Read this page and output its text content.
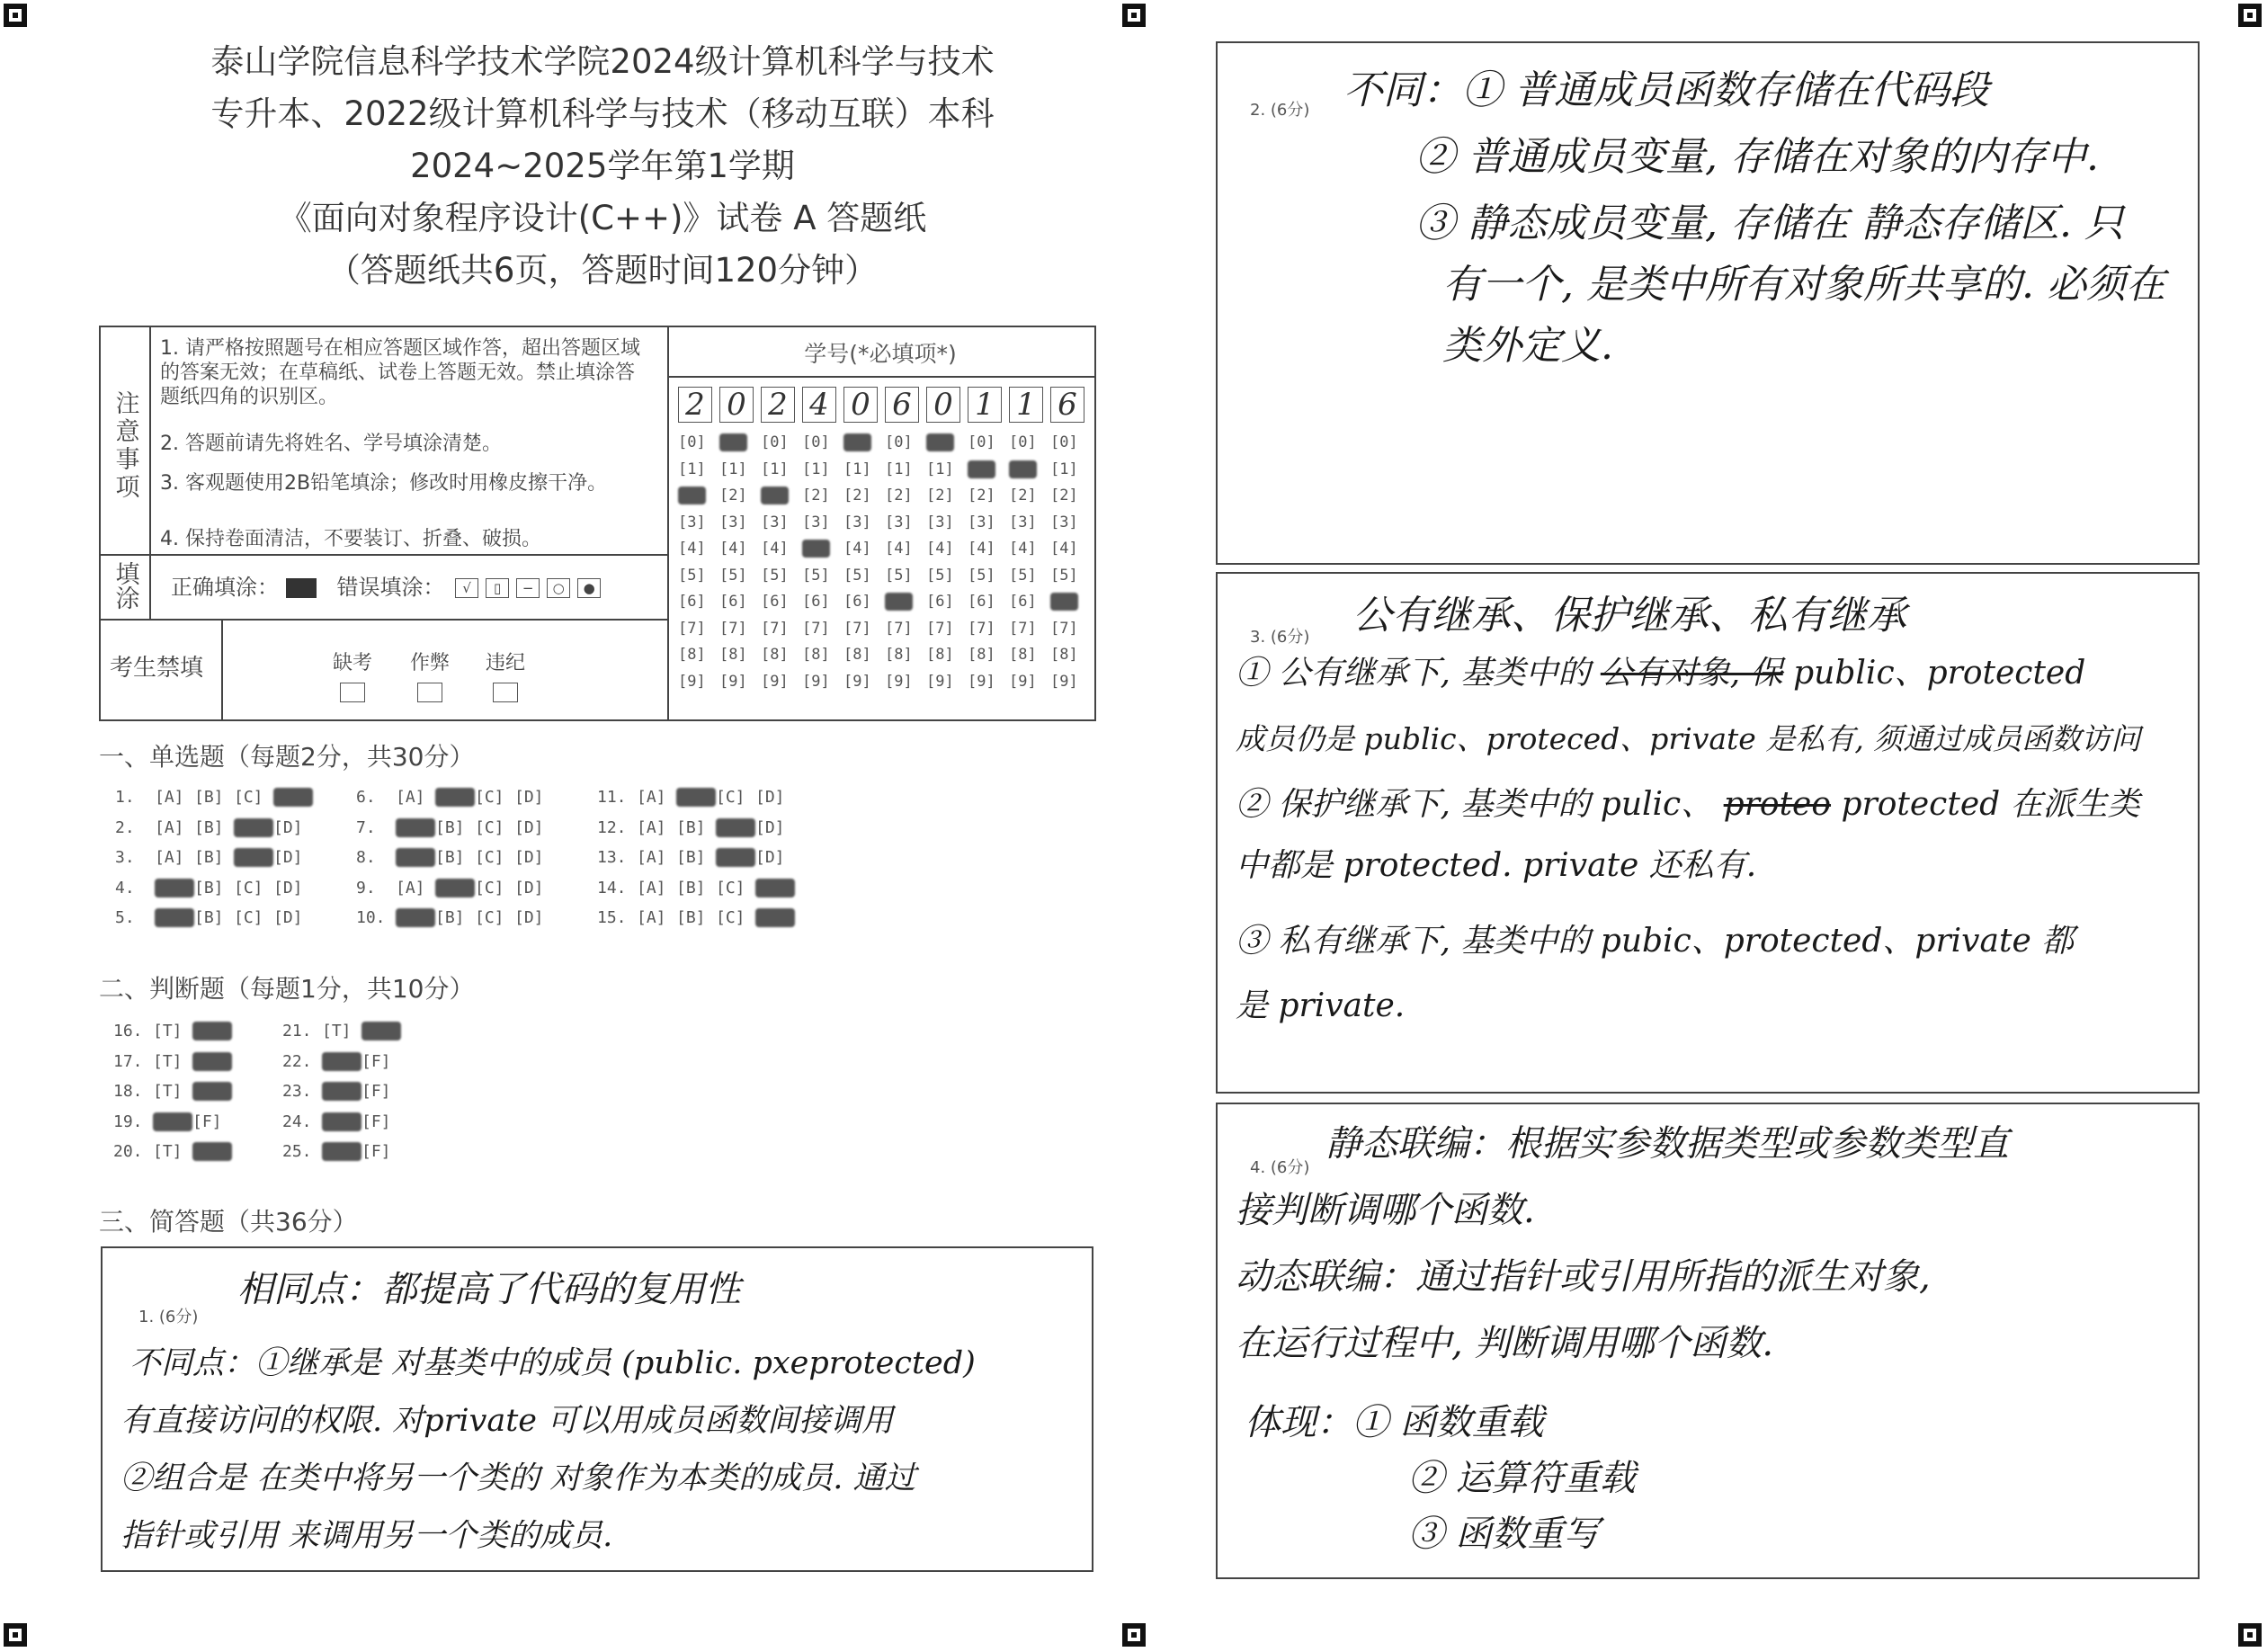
泰山学院信息科学技术学院2024级计算机科学与技术
专升本、2022级计算机科学与技术（移动互联）本科
2024~2025学年第1学期
《面向对象程序设计(C++)》试卷 A 答题纸
（答题纸共6页，答题时间120分钟）
注意事项
填涂
考生禁填
1. 请严格按照题号在相应答题区域作答，超出答题区域的答案无效；在草稿纸、试卷上答题无效。禁止填涂答题纸四角的识别区。
2. 答题前请先将姓名、学号填涂清楚。
3. 客观题使用2B铅笔填涂；修改时用橡皮擦干净。
4. 保持卷面清洁，不要装订、折叠、破损。
正确填涂：	错误填涂： √ ▯ − ○ ●
缺考	作弊	违纪
学号(*必填项*)
2 0 2 4 0 6 0 1 1 6
[0] [0] [0] [0] [0] [0] [0] [0] [0] [0]
[1] [1] [1] [1] [1] [1] [1] [1] [1] [1]
[2] [2] [2] [2] [2] [2] [2] [2] [2] [2]
[3] [3] [3] [3] [3] [3] [3] [3] [3] [3]
[4] [4] [4] [4] [4] [4] [4] [4] [4] [4]
[5] [5] [5] [5] [5] [5] [5] [5] [5] [5]
[6] [6] [6] [6] [6] [6] [6] [6] [6] [6]
[7] [7] [7] [7] [7] [7] [7] [7] [7] [7]
[8] [8] [8] [8] [8] [8] [8] [8] [8] [8]
[9] [9] [9] [9] [9] [9] [9] [9] [9] [9]
一、单选题（每题2分，共30分）
1. [A] [B] [C] [D]
2. [A] [B] [C] [D]
3. [A] [B] [C] [D]
4. [A] [B] [C] [D]
5. [A] [B] [C] [D]
6. [A] [B] [C] [D]
7. [A] [B] [C] [D]
8. [A] [B] [C] [D]
9. [A] [B] [C] [D]
10. [A] [B] [C] [D]
11. [A] [B] [C] [D]
12. [A] [B] [C] [D]
13. [A] [B] [C] [D]
14. [A] [B] [C] [D]
15. [A] [B] [C] [D]
二、判断题（每题1分，共10分）
16. [T] [F]
17. [T] [F]
18. [T] [F]
19. [T] [F]
20. [T] [F]
21. [T] [F]
22. [T] [F]
23. [T] [F]
24. [T] [F]
25. [T] [F]
三、简答题（共36分）
1. (6分)
相同点：都提高了代码的复用性
不同点：①继承是 对基类中的成员 (public. pxeprotected)
有直接访问的权限. 对private 可以用成员函数间接调用
②组合是 在类中将另一个类的 对象作为本类的成员. 通过
指针或引用 来调用另一个类的成员.
2. (6分) 不同：① 普通成员函数存储在代码段
② 普通成员变量, 存储在对象的内存中.
③ 静态成员变量, 存储在 静态存储区. 只
有一个, 是类中所有对象所共享的. 必须在
类外定义.
3. (6分) 公有继承、保护继承、私有继承
① 公有继承下, 基类中的 公有对象, 保 public、protected
成员仍是 public、proteced、private 是私有, 须通过成员函数访问
② 保护继承下, 基类中的 pulic、 proteo protected 在派生类
中都是 protected. private 还私有.
③ 私有继承下, 基类中的 pubic、protected、private 都
是 private.
4. (6分)
静态联编：根据实参数据类型或参数类型直
接判断调哪个函数.
动态联编：通过指针或引用所指的派生对象,
在运行过程中, 判断调用哪个函数.
体现：① 函数重载
② 运算符重载
③ 函数重写
